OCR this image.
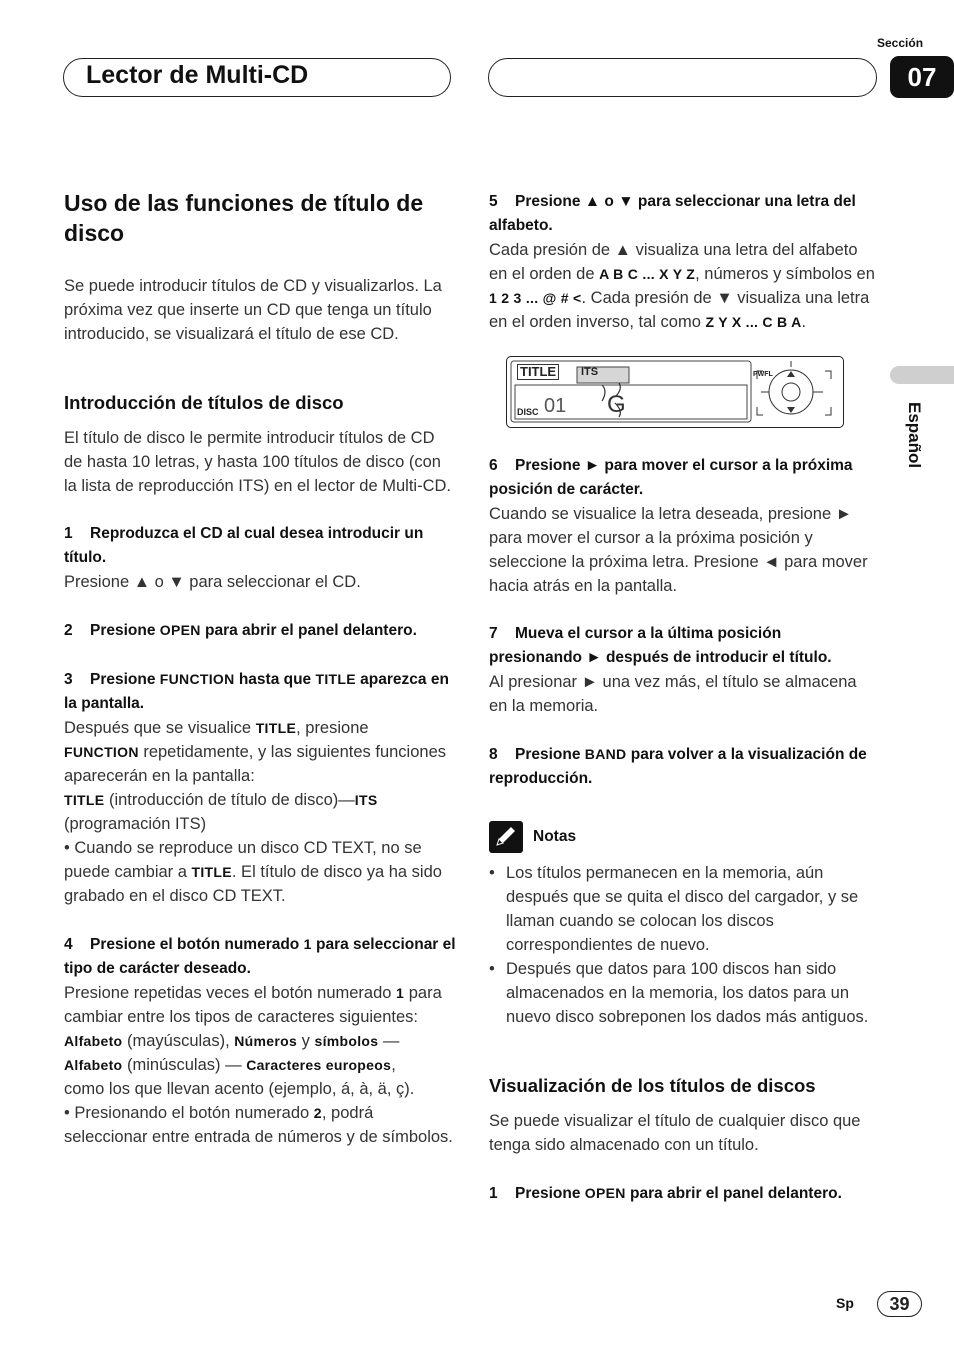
Sección
Lector de Multi-CD	07
Español
Uso de las funciones de título de disco

Se puede introducir títulos de CD y visualizarlos. La próxima vez que inserte un CD que tenga un título introducido, se visualizará el título de ese CD.

Introducción de títulos de disco

El título de disco le permite introducir títulos de CD de hasta 10 letras, y hasta 100 títulos de disco (con la lista de reproducción ITS) en el lector de Multi-CD.

1 Reproduzca el CD al cual desea introducir un título.

Presione ▲ o ▼ para seleccionar el CD.

2 Presione OPEN para abrir el panel delantero.
3 Presione FUNCTION hasta que TITLE aparezca en la pantalla.
Después que se visualice TITLE, presione
FUNCTION repetidamente, y las siguientes funciones aparecerán en la pantalla:
TITLE (introducción de título de disco)—ITS
(programación ITS)
• Cuando se reproduce un disco CD TEXT, no se puede cambiar a TITLE. El título de disco ya ha sido grabado en el disco CD TEXT.
4 Presione el botón numerado 1 para seleccionar el tipo de carácter deseado.
Presione repetidas veces el botón numerado 1 para cambiar entre los tipos de caracteres siguientes:
Alfabeto (mayúsculas), Números y símbolos —
Alfabeto (minúsculas) — Caracteres europeos,
como los que llevan acento (ejemplo, á, à, ä, ç).
• Presionando el botón numerado 2, podrá seleccionar entre entrada de números y de símbolos.
5 Presione ▲ o ▼ para seleccionar una letra del alfabeto.
Cada presión de ▲ visualiza una letra del alfabeto en el orden de A B C ... X Y Z, números y símbolos en 1 2 3 ... @ # <. Cada presión de ▼ visualiza una letra en el orden inverso, tal como Z Y X ... C B A.
TITLE ITS
DISC 01 G
PWFL
6 Presione ► para mover el cursor a la próxima posición de carácter.

Cuando se visualice la letra deseada, presione ► para mover el cursor a la próxima posición y seleccione la próxima letra. Presione ◄ para mover hacia atrás en la pantalla.

7 Mueva el cursor a la última posición presionando ► después de introducir el título.

Al presionar ► una vez más, el título se almacena en la memoria.

8 Presione BAND para volver a la visualización de reproducción.
Notas
• Los títulos permanecen en la memoria, aún después que se quita el disco del cargador, y se llaman cuando se colocan los discos correspondientes de nuevo.
• Después que datos para 100 discos han sido almacenados en la memoria, los datos para un nuevo disco sobreponen los dados más antiguos.
Visualización de los títulos de discos

Se puede visualizar el título de cualquier disco que tenga sido almacenado con un título.

1 Presione OPEN para abrir el panel delantero.
Sp	39
